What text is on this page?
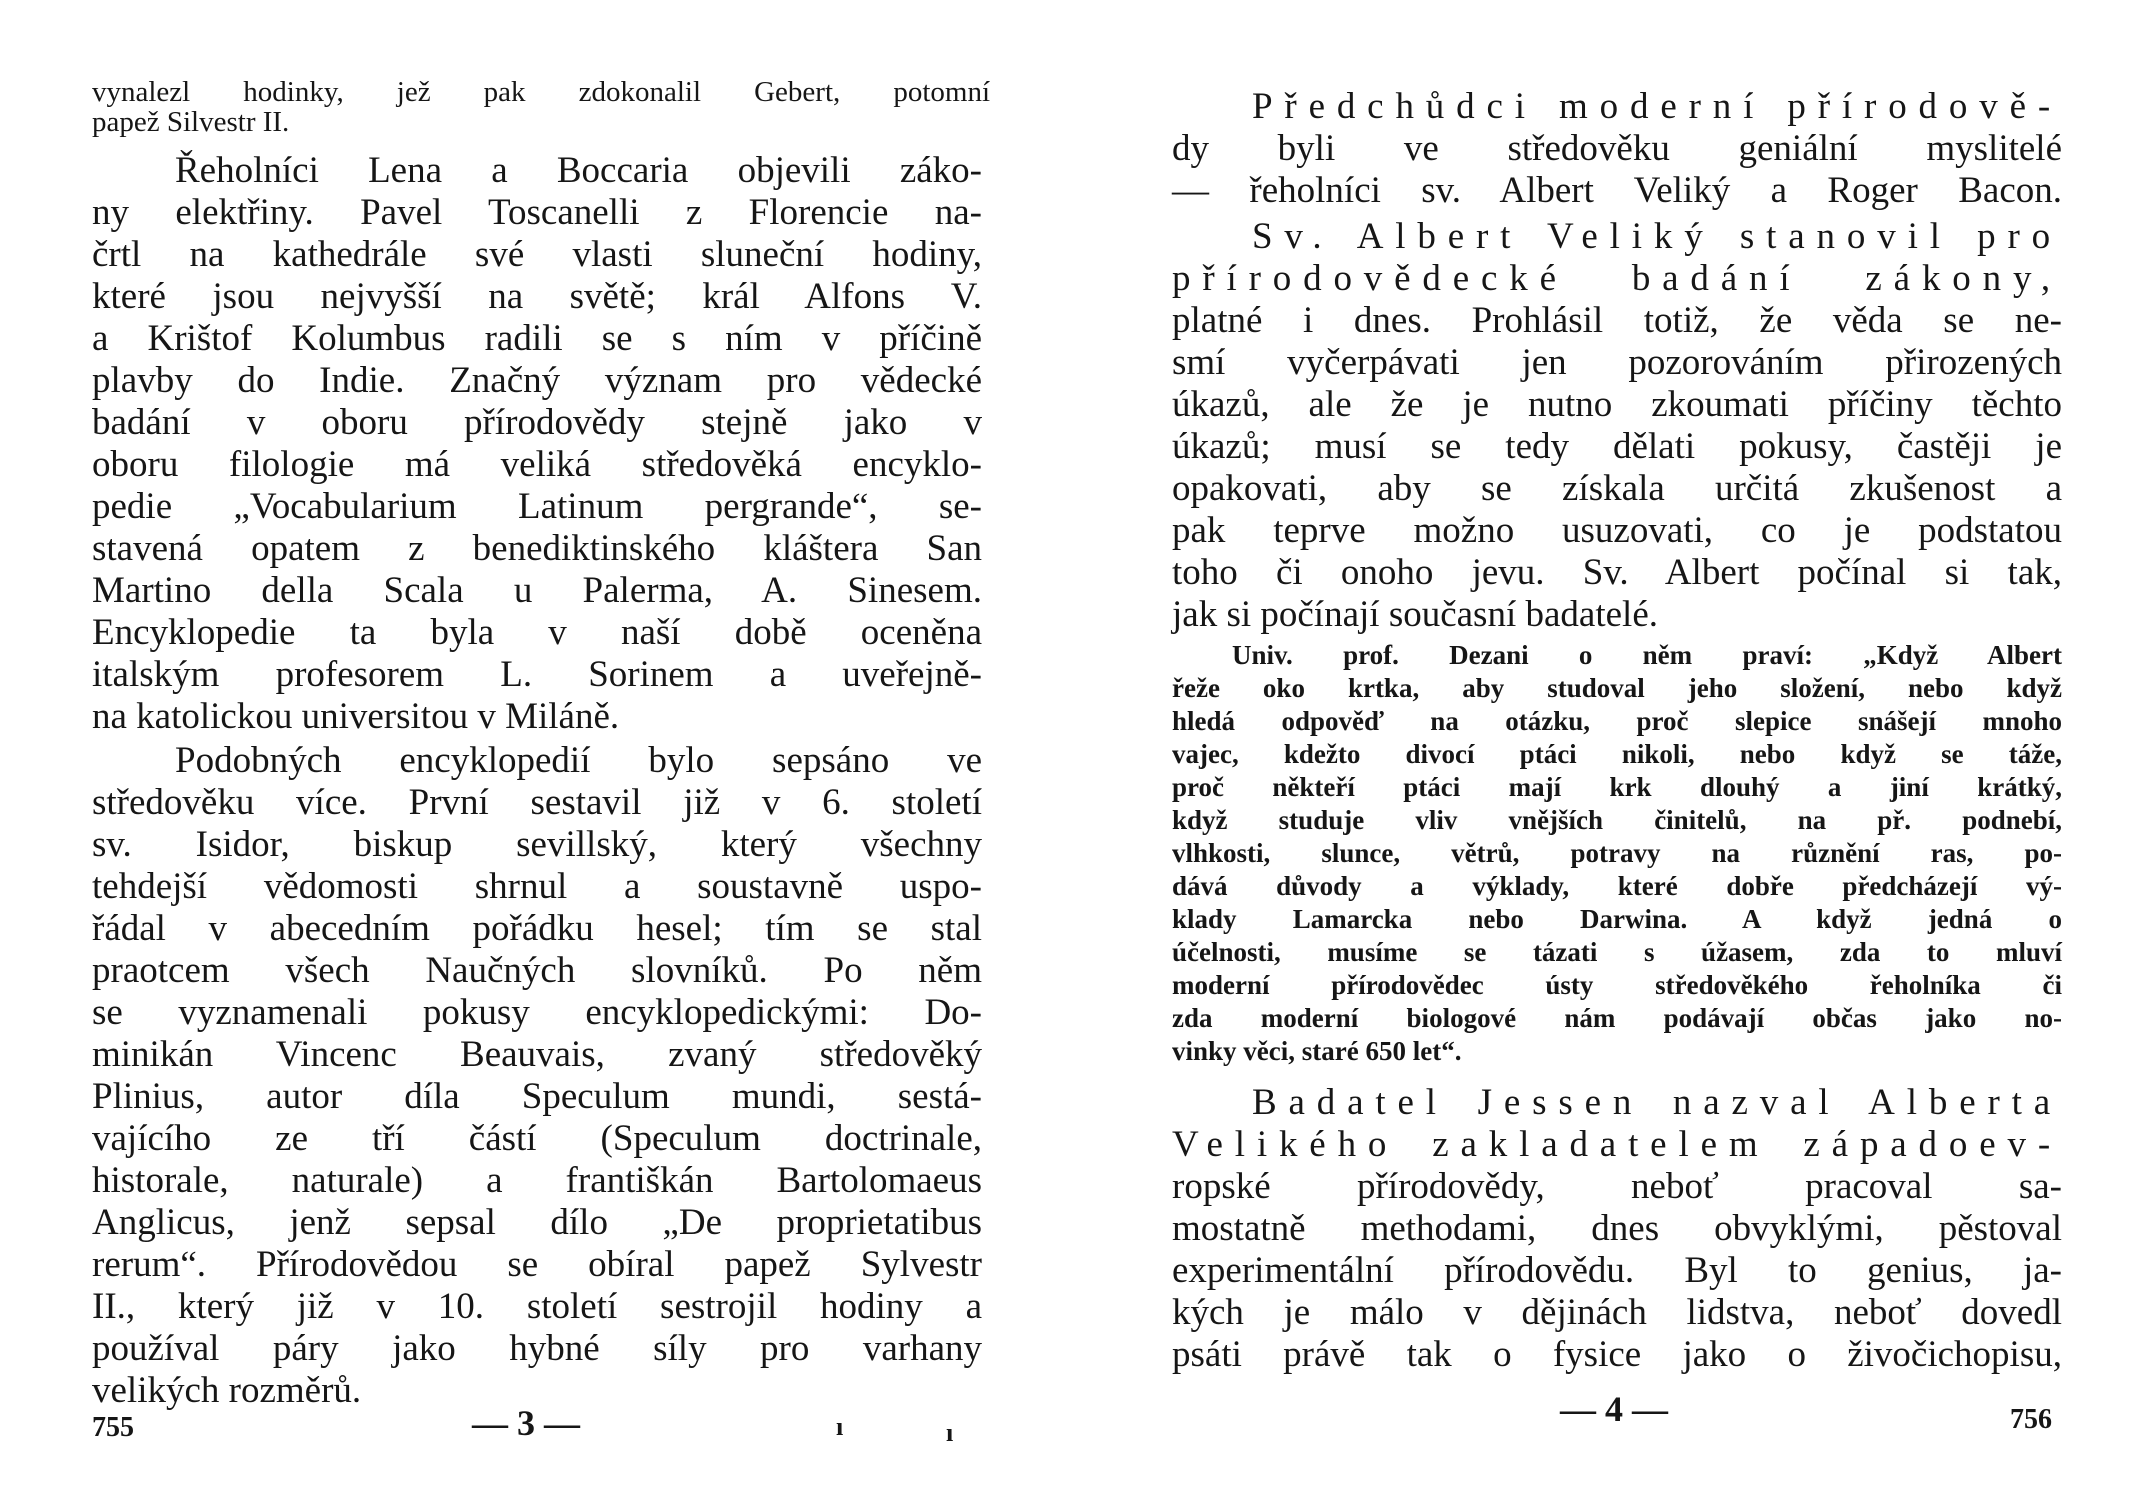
vynalezl hodinky, jež pak zdokonalil Gebert, potomní
papež Silvestr II.
Řeholníci Lena a Boccaria objevili záko-
ny elektřiny. Pavel Toscanelli z Florencie na-
črtl na kathedrále své vlasti sluneční hodiny,
které jsou nejvyšší na světě; král Alfons V.
a Krištof Kolumbus radili se s ním v příčině
plavby do Indie. Značný význam pro vědecké
badání v oboru přírodovědy stejně jako v
oboru filologie má veliká středověká encyklo-
pedie „Vocabularium Latinum pergrande“, se-
stavená opatem z benediktinského kláštera San
Martino della Scala u Palerma, A. Sinesem.
Encyklopedie ta byla v naší době oceněna
italským profesorem L. Sorinem a uveřejně-
na katolickou universitou v Miláně.
Podobných encyklopedií bylo sepsáno ve
středověku více. První sestavil již v 6. století
sv. Isidor, biskup sevillský, který všechny
tehdejší vědomosti shrnul a soustavně uspo-
řádal v abecedním pořádku hesel; tím se stal
praotcem všech Naučných slovníků. Po něm
se vyznamenali pokusy encyklopedickými: Do-
minikán Vincenc Beauvais, zvaný středověký
Plinius, autor díla Speculum mundi, sestá-
vajícího ze tří částí (Speculum doctrinale,
historale, naturale) a františkán Bartolomaeus
Anglicus, jenž sepsal dílo „De proprietatibus
rerum“. Přírodovědou se obíral papež Sylvestr
II., který již v 10. století sestrojil hodiny a
používal páry jako hybné síly pro varhany
velikých rozměrů.
755	— 3 —	ı	ı
Předchůdci moderní přírodově-
dy byli ve středověku geniální myslitelé
— řeholníci sv. Albert Veliký a Roger Bacon.
Sv. Albert Veliký stanovil pro
přírodovědecké badání zákony,
platné i dnes. Prohlásil totiž, že věda se ne-
smí vyčerpávati jen pozorováním přirozených
úkazů, ale že je nutno zkoumati příčiny těchto
úkazů; musí se tedy dělati pokusy, častěji je
opakovati, aby se získala určitá zkušenost a
pak teprve možno usuzovati, co je podstatou
toho či onoho jevu. Sv. Albert počínal si tak,
jak si počínají současní badatelé.
Univ. prof. Dezani o něm praví: „Když Albert
řeže oko krtka, aby studoval jeho složení, nebo když
hledá odpověď na otázku, proč slepice snášejí mnoho
vajec, kdežto divocí ptáci nikoli, nebo když se táže,
proč někteří ptáci mají krk dlouhý a jiní krátký,
když studuje vliv vnějších činitelů, na př. podnebí,
vlhkosti, slunce, větrů, potravy na různění ras, po-
dává důvody a výklady, které dobře předcházejí vý-
klady Lamarcka nebo Darwina. A když jedná o
účelnosti, musíme se tázati s úžasem, zda to mluví
moderní přírodovědec ústy středověkého řeholníka či
zda moderní biologové nám podávají občas jako no-
vinky věci, staré 650 let“.
Badatel Jessen nazval Alberta
Velikého zakladatelem západoev-
ropské přírodovědy, neboť pracoval sa-
mostatně methodami, dnes obvyklými, pěstoval
experimentální přírodovědu. Byl to genius, ja-
kých je málo v dějinách lidstva, neboť dovedl
psáti právě tak o fysice jako o živočichopisu,
— 4 —	756
